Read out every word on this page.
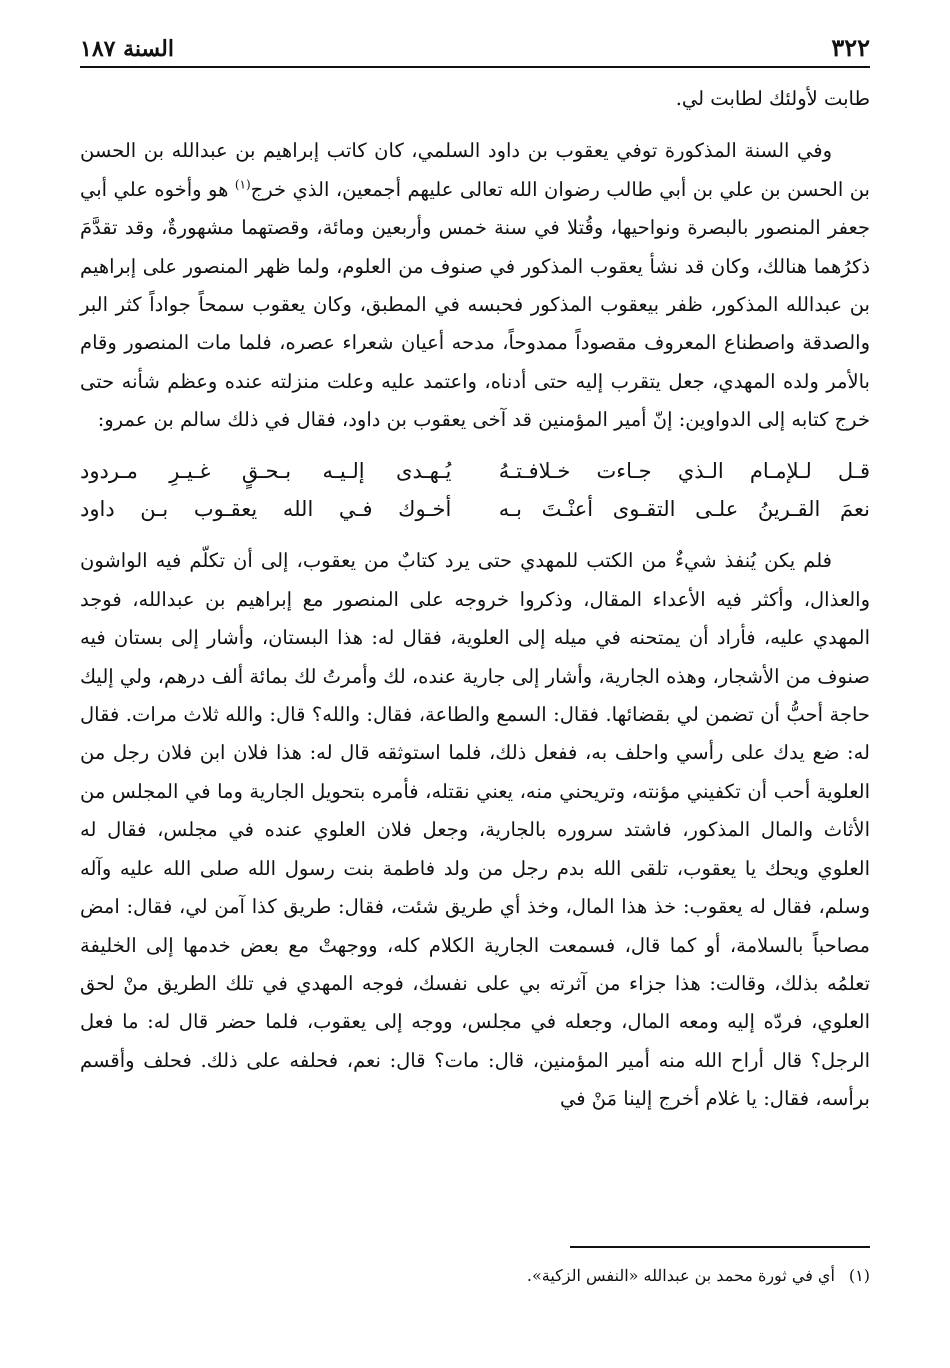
٣٢٢
السنة ١٨٧

طابت لأولئك لطابت لي.

وفي السنة المذكورة توفي يعقوب بن داود السلمي، كان كاتب إبراهيم بن عبدالله بن الحسن بن الحسن بن علي بن أبي طالب رضوان الله تعالى عليهم أجمعين، الذي خرج$^{(١)}$ هو وأخوه علي أبي جعفر المنصور بالبصرة ونواحيها، وقُتلا في سنة خمس وأربعين ومائة، وقصتهما مشهورةٌ، وقد تقدَّمَ ذكرُهما هنالك، وكان قد نشأ يعقوب المذكور في صنوف من العلوم، ولما ظهر المنصور على إبراهيم بن عبدالله المذكور، ظفر بيعقوب المذكور فحبسه في المطبق، وكان يعقوب سمحاً جواداً كثر البر والصدقة واصطناع المعروف مقصوداً ممدوحاً، مدحه أعيان شعراء عصره، فلما مات المنصور وقام بالأمر ولده المهدي، جعل يتقرب إليه حتى أدناه، واعتمد عليه وعلت منزلته عنده وعظم شأنه حتى خرج كتابه إلى الدواوين: إنّ أمير المؤمنين قد آخى يعقوب بن داود، فقال في ذلك سالم بن عمرو:

قـل لـلإمـام الـذي جـاءت خـلافـتـهُ
يُـهـدى إلـيـه بـحـقٍ غـيـرِ مـردود
نعمَ القـرينُ علـى التقـوى أعنْـتَ بـه
أخـوك فـي الله يعقـوب بـن داود

فلم يكن يُنفذ شيءٌ من الكتب للمهدي حتى يرد كتابٌ من يعقوب، إلى أن تكلّم فيه الواشون والعذال، وأكثر فيه الأعداء المقال، وذكروا خروجه على المنصور مع إبراهيم بن عبدالله، فوجد المهدي عليه، فأراد أن يمتحنه في ميله إلى العلوية، فقال له: هذا البستان، وأشار إلى بستان فيه صنوف من الأشجار، وهذه الجارية، وأشار إلى جارية عنده، لك وأمرتُ لك بمائة ألف درهم، ولي إليك حاجة أحبُّ أن تضمن لي بقضائها. فقال: السمع والطاعة، فقال: والله؟ قال: والله ثلاث مرات. فقال له: ضع يدك على رأسي واحلف به، ففعل ذلك، فلما استوثقه قال له: هذا فلان ابن فلان رجل من العلوية أحب أن تكفيني مؤنته، وتريحني منه، يعني نقتله، فأمره بتحويل الجارية وما في المجلس من الأثاث والمال المذكور، فاشتد سروره بالجارية، وجعل فلان العلوي عنده في مجلس، فقال له العلوي ويحك يا يعقوب، تلقى الله بدم رجل من ولد فاطمة بنت رسول الله صلى الله عليه وآله وسلم، فقال له يعقوب: خذ هذا المال، وخذ أي طريق شئت، فقال: طريق كذا آمن لي، فقال: امض مصاحباً بالسلامة، أو كما قال، فسمعت الجارية الكلام كله، ووجهتْ مع بعض خدمها إلى الخليفة تعلمُه بذلك، وقالت: هذا جزاء من آثرته بي على نفسك، فوجه المهدي في تلك الطريق منْ لحق العلوي، فردّه إليه ومعه المال، وجعله في مجلس، ووجه إلى يعقوب، فلما حضر قال له: ما فعل الرجل؟ قال أراح الله منه أمير المؤمنين، قال: مات؟ قال: نعم، فحلفه على ذلك. فحلف وأقسم برأسه، فقال: يا غلام أخرج إلينا مَنْ في

(١)أي في ثورة محمد بن عبدالله «النفس الزكية».
